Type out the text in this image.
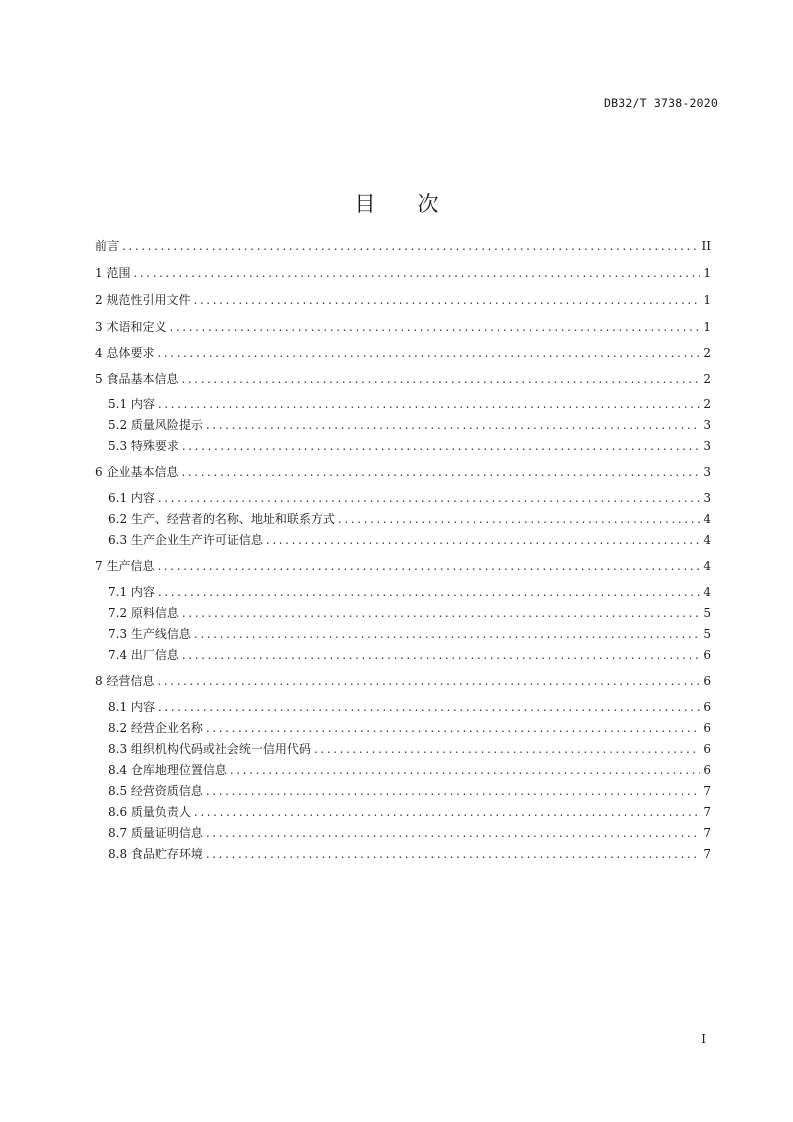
DB32/T 3738-2020
目 次
前言 .....	II
1 范围 .....	1
2 规范性引用文件 .....	1
3 术语和定义 .....	1
4 总体要求 .....	2
5 食品基本信息 .....	2
5.1 内容 .....	2
5.2 质量风险提示 .....	3
5.3 特殊要求 .....	3
6 企业基本信息 .....	3
6.1 内容 .....	3
6.2 生产、经营者的名称、地址和联系方式 .....	4
6.3 生产企业生产许可证信息 .....	4
7 生产信息 .....	4
7.1 内容 .....	4
7.2 原料信息 .....	5
7.3 生产线信息 .....	5
7.4 出厂信息 .....	6
8 经营信息 .....	6
8.1 内容 .....	6
8.2 经营企业名称 .....	6
8.3 组织机构代码或社会统一信用代码 .....	6
8.4 仓库地理位置信息 .....	6
8.5 经营资质信息 .....	7
8.6 质量负责人 .....	7
8.7 质量证明信息 .....	7
8.8 食品贮存环境 .....	7
I
